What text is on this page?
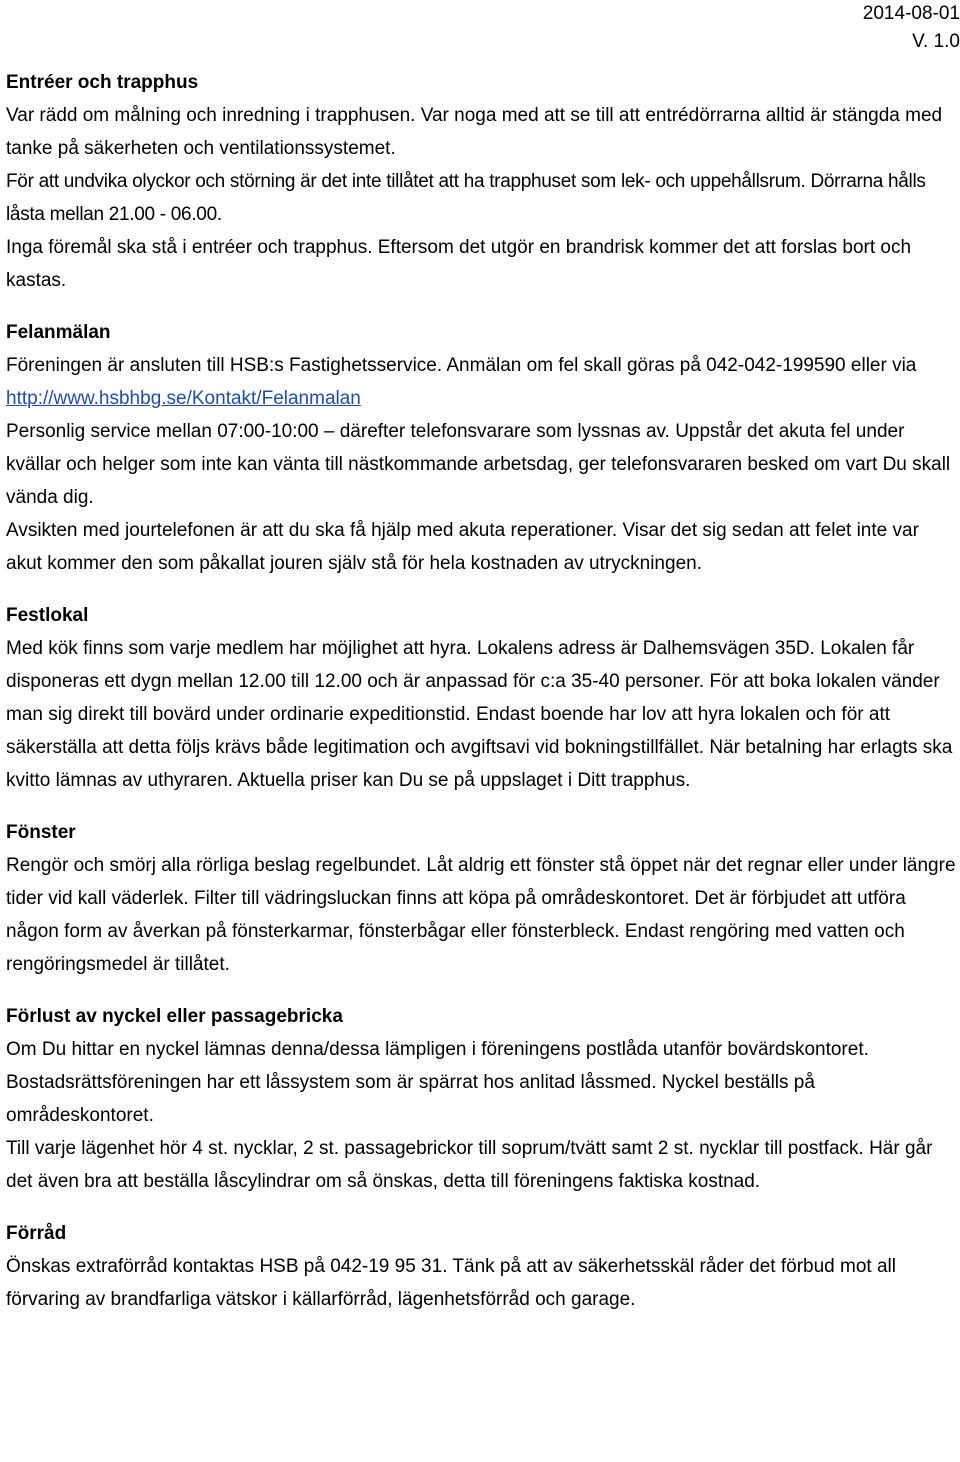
2014-08-01
V. 1.0
Entréer och trapphus

Var rädd om målning och inredning i trapphusen. Var noga med att se till att entrédörrarna alltid är stängda med tanke på säkerheten och ventilationssystemet.

För att undvika olyckor och störning är det inte tillåtet att ha trapphuset som lek- och uppehållsrum. Dörrarna hålls låsta mellan 21.00 - 06.00.

Inga föremål ska stå i entréer och trapphus. Eftersom det utgör en brandrisk kommer det att forslas bort och kastas.

Felanmälan

Föreningen är ansluten till HSB:s Fastighetsservice. Anmälan om fel skall göras på 042-042-199590 eller via

http://www.hsbhbg.se/Kontakt/Felanmalan

Personlig service mellan 07:00-10:00 – därefter telefonsvarare som lyssnas av. Uppstår det akuta fel under kvällar och helger som inte kan vänta till nästkommande arbetsdag, ger telefonsvararen besked om vart Du skall vända dig.

Avsikten med jourtelefonen är att du ska få hjälp med akuta reperationer. Visar det sig sedan att felet inte var akut kommer den som påkallat jouren själv stå för hela kostnaden av utryckningen.

Festlokal

Med kök finns som varje medlem har möjlighet att hyra. Lokalens adress är Dalhemsvägen 35D. Lokalen får disponeras ett dygn mellan 12.00 till 12.00 och är anpassad för c:a 35-40 personer. För att boka lokalen vänder man sig direkt till bovärd under ordinarie expeditionstid. Endast boende har lov att hyra lokalen och för att säkerställa att detta följs krävs både legitimation och avgiftsavi vid bokningstillfället. När betalning har erlagts ska kvitto lämnas av uthyraren. Aktuella priser kan Du se på uppslaget i Ditt trapphus.

Fönster

Rengör och smörj alla rörliga beslag regelbundet. Låt aldrig ett fönster stå öppet när det regnar eller under längre tider vid kall väderlek. Filter till vädringsluckan finns att köpa på områdeskontoret. Det är förbjudet att utföra någon form av åverkan på fönsterkarmar, fönsterbågar eller fönsterbleck. Endast rengöring med vatten och rengöringsmedel är tillåtet.

Förlust av nyckel eller passagebricka

Om Du hittar en nyckel lämnas denna/dessa lämpligen i föreningens postlåda utanför bovärdskontoret.

Bostadsrättsföreningen har ett låssystem som är spärrat hos anlitad låssmed. Nyckel beställs på områdeskontoret.

Till varje lägenhet hör 4 st. nycklar, 2 st. passagebrickor till soprum/tvätt samt 2 st. nycklar till postfack. Här går det även bra att beställa låscylindrar om så önskas, detta till föreningens faktiska kostnad.

Förråd

Önskas extraförråd kontaktas HSB på 042-19 95 31. Tänk på att av säkerhetsskäl råder det förbud mot all förvaring av brandfarliga vätskor i källarförråd, lägenhetsförråd och garage.
